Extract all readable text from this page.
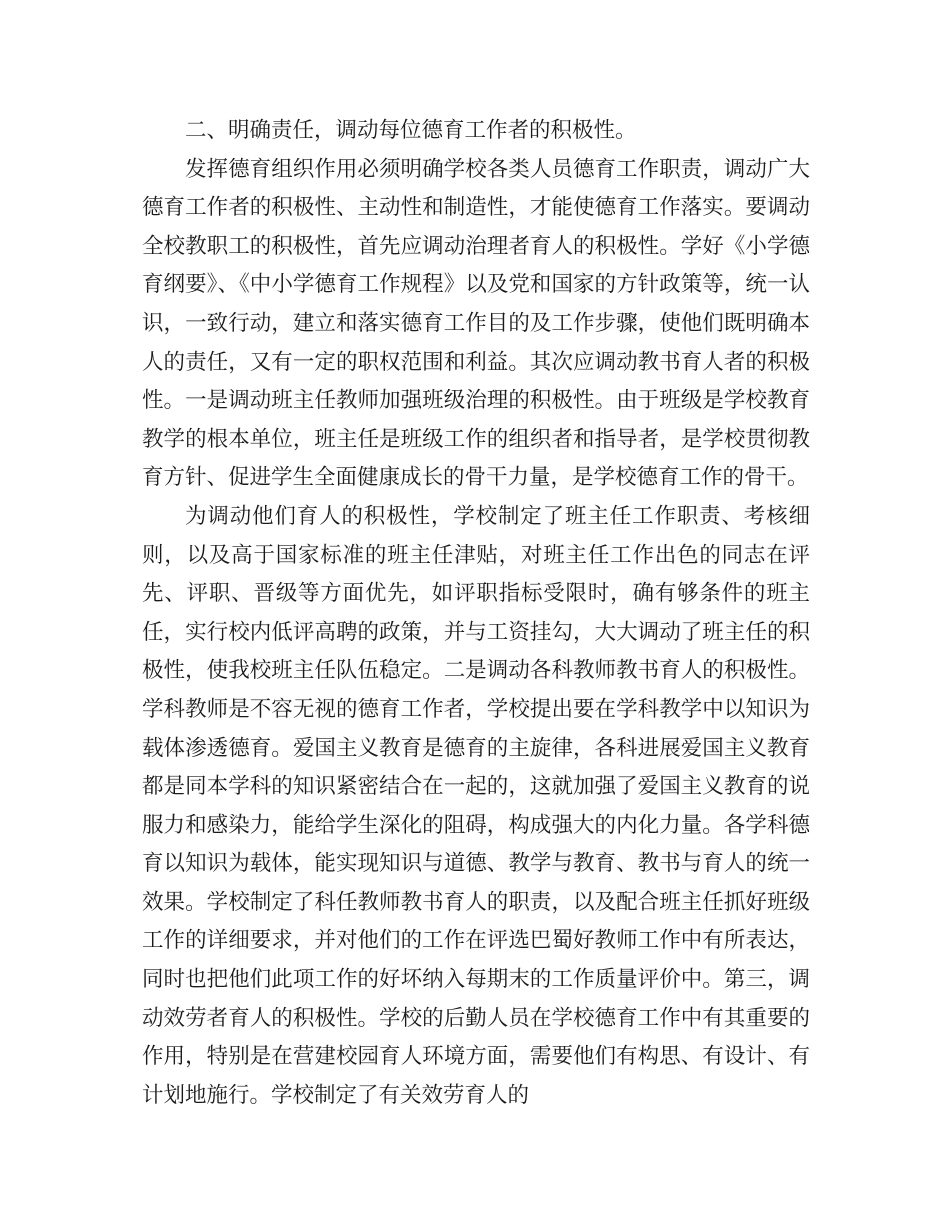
二、明确责任，调动每位德育工作者的积极性。

发挥德育组织作用必须明确学校各类人员德育工作职责，调动广大德育工作者的积极性、主动性和制造性，才能使德育工作落实。要调动全校教职工的积极性，首先应调动治理者育人的积极性。学好《小学德育纲要》、《中小学德育工作规程》以及党和国家的方针政策等，统一认识，一致行动，建立和落实德育工作目的及工作步骤，使他们既明确本人的责任，又有一定的职权范围和利益。其次应调动教书育人者的积极性。一是调动班主任教师加强班级治理的积极性。由于班级是学校教育教学的根本单位，班主任是班级工作的组织者和指导者，是学校贯彻教育方针、促进学生全面健康成长的骨干力量，是学校德育工作的骨干。

为调动他们育人的积极性，学校制定了班主任工作职责、考核细则，以及高于国家标准的班主任津贴，对班主任工作出色的同志在评先、评职、晋级等方面优先，如评职指标受限时，确有够条件的班主任，实行校内低评高聘的政策，并与工资挂勾，大大调动了班主任的积极性，使我校班主任队伍稳定。二是调动各科教师教书育人的积极性。学科教师是不容无视的德育工作者，学校提出要在学科教学中以知识为载体渗透德育。爱国主义教育是德育的主旋律，各科进展爱国主义教育都是同本学科的知识紧密结合在一起的，这就加强了爱国主义教育的说服力和感染力，能给学生深化的阻碍，构成强大的内化力量。各学科德育以知识为载体，能实现知识与道德、教学与教育、教书与育人的统一效果。学校制定了科任教师教书育人的职责，以及配合班主任抓好班级工作的详细要求，并对他们的工作在评选巴蜀好教师工作中有所表达，同时也把他们此项工作的好坏纳入每期末的工作质量评价中。第三，调动效劳者育人的积极性。学校的后勤人员在学校德育工作中有其重要的作用，特别是在营建校园育人环境方面，需要他们有构思、有设计、有计划地施行。学校制定了有关效劳育人的
